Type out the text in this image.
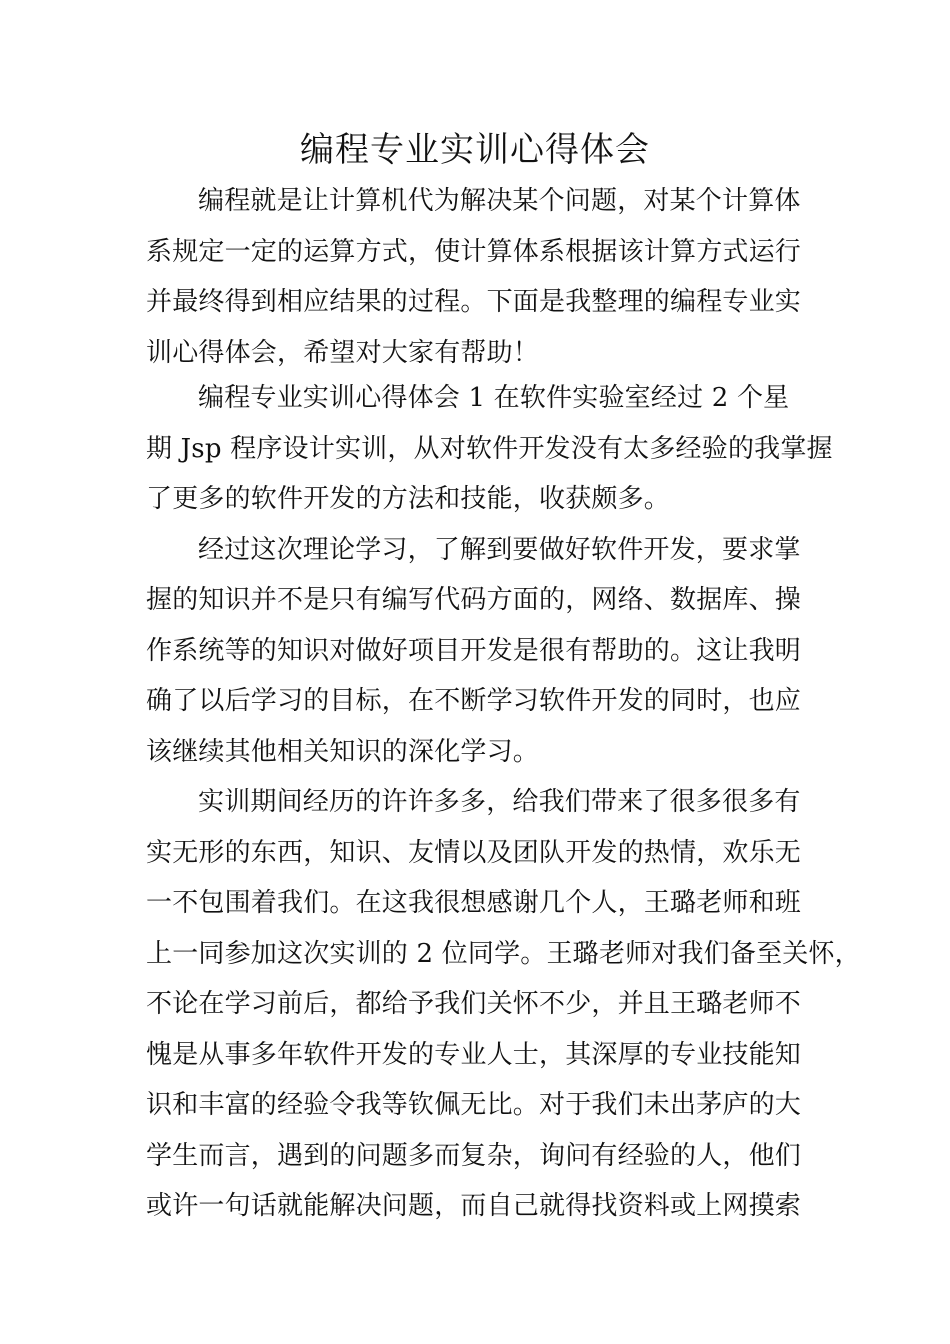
编程专业实训心得体会
编程就是让计算机代为解决某个问题，对某个计算体
系规定一定的运算方式，使计算体系根据该计算方式运行
并最终得到相应结果的过程。下面是我整理的编程专业实
训心得体会，希望对大家有帮助！
编程专业实训心得体会 1 在软件实验室经过 2 个星
期 Jsp 程序设计实训，从对软件开发没有太多经验的我掌握
了更多的软件开发的方法和技能，收获颇多。
经过这次理论学习，了解到要做好软件开发，要求掌
握的知识并不是只有编写代码方面的，网络、数据库、操
作系统等的知识对做好项目开发是很有帮助的。这让我明
确了以后学习的目标，在不断学习软件开发的同时，也应
该继续其他相关知识的深化学习。
实训期间经历的许许多多，给我们带来了很多很多有
实无形的东西，知识、友情以及团队开发的热情，欢乐无
一不包围着我们。在这我很想感谢几个人，王璐老师和班
上一同参加这次实训的 2 位同学。王璐老师对我们备至关怀，
不论在学习前后，都给予我们关怀不少，并且王璐老师不
愧是从事多年软件开发的专业人士，其深厚的专业技能知
识和丰富的经验令我等钦佩无比。对于我们未出茅庐的大
学生而言，遇到的问题多而复杂，询问有经验的人，他们
或许一句话就能解决问题，而自己就得找资料或上网摸索
